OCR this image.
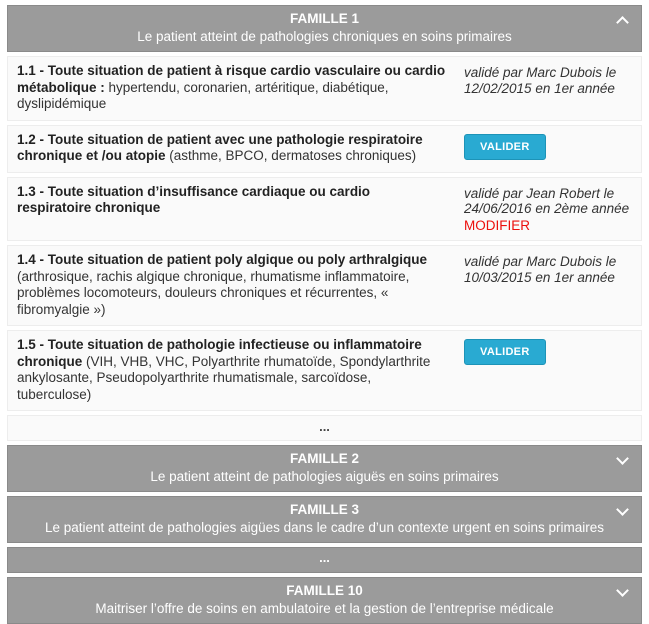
FAMILLE 1
Le patient atteint de pathologies chroniques en soins primaires
1.1 - Toute situation de patient à risque cardio vasculaire ou cardio métabolique : hypertendu, coronarien, artéritique, diabétique, dyslipidémique
validé par Marc Dubois le 12/02/2015 en 1er année
1.2 - Toute situation de patient avec une pathologie respiratoire chronique et /ou atopie (asthme, BPCO, dermatoses chroniques)
VALIDER
1.3 - Toute situation d’insuffisance cardiaque ou cardio respiratoire chronique
validé par Jean Robert le 24/06/2016 en 2ème année
MODIFIER
1.4 - Toute situation de patient poly algique ou poly arthralgique (arthrosique, rachis algique chronique, rhumatisme inflammatoire, problèmes locomoteurs, douleurs chroniques et récurrentes, « fibromyalgie »)
validé par Marc Dubois le 10/03/2015 en 1er année
1.5 - Toute situation de pathologie infectieuse ou inflammatoire chronique (VIH, VHB, VHC, Polyarthrite rhumatoïde, Spondylarthrite ankylosante, Pseudopolyarthrite rhumatismale, sarcoïdose, tuberculose)
VALIDER
...
FAMILLE 2
Le patient atteint de pathologies aiguës en soins primaires
FAMILLE 3
Le patient atteint de pathologies aigües dans le cadre d’un contexte urgent en soins primaires
...
FAMILLE 10
Maitriser l’offre de soins en ambulatoire et la gestion de l’entreprise médicale
